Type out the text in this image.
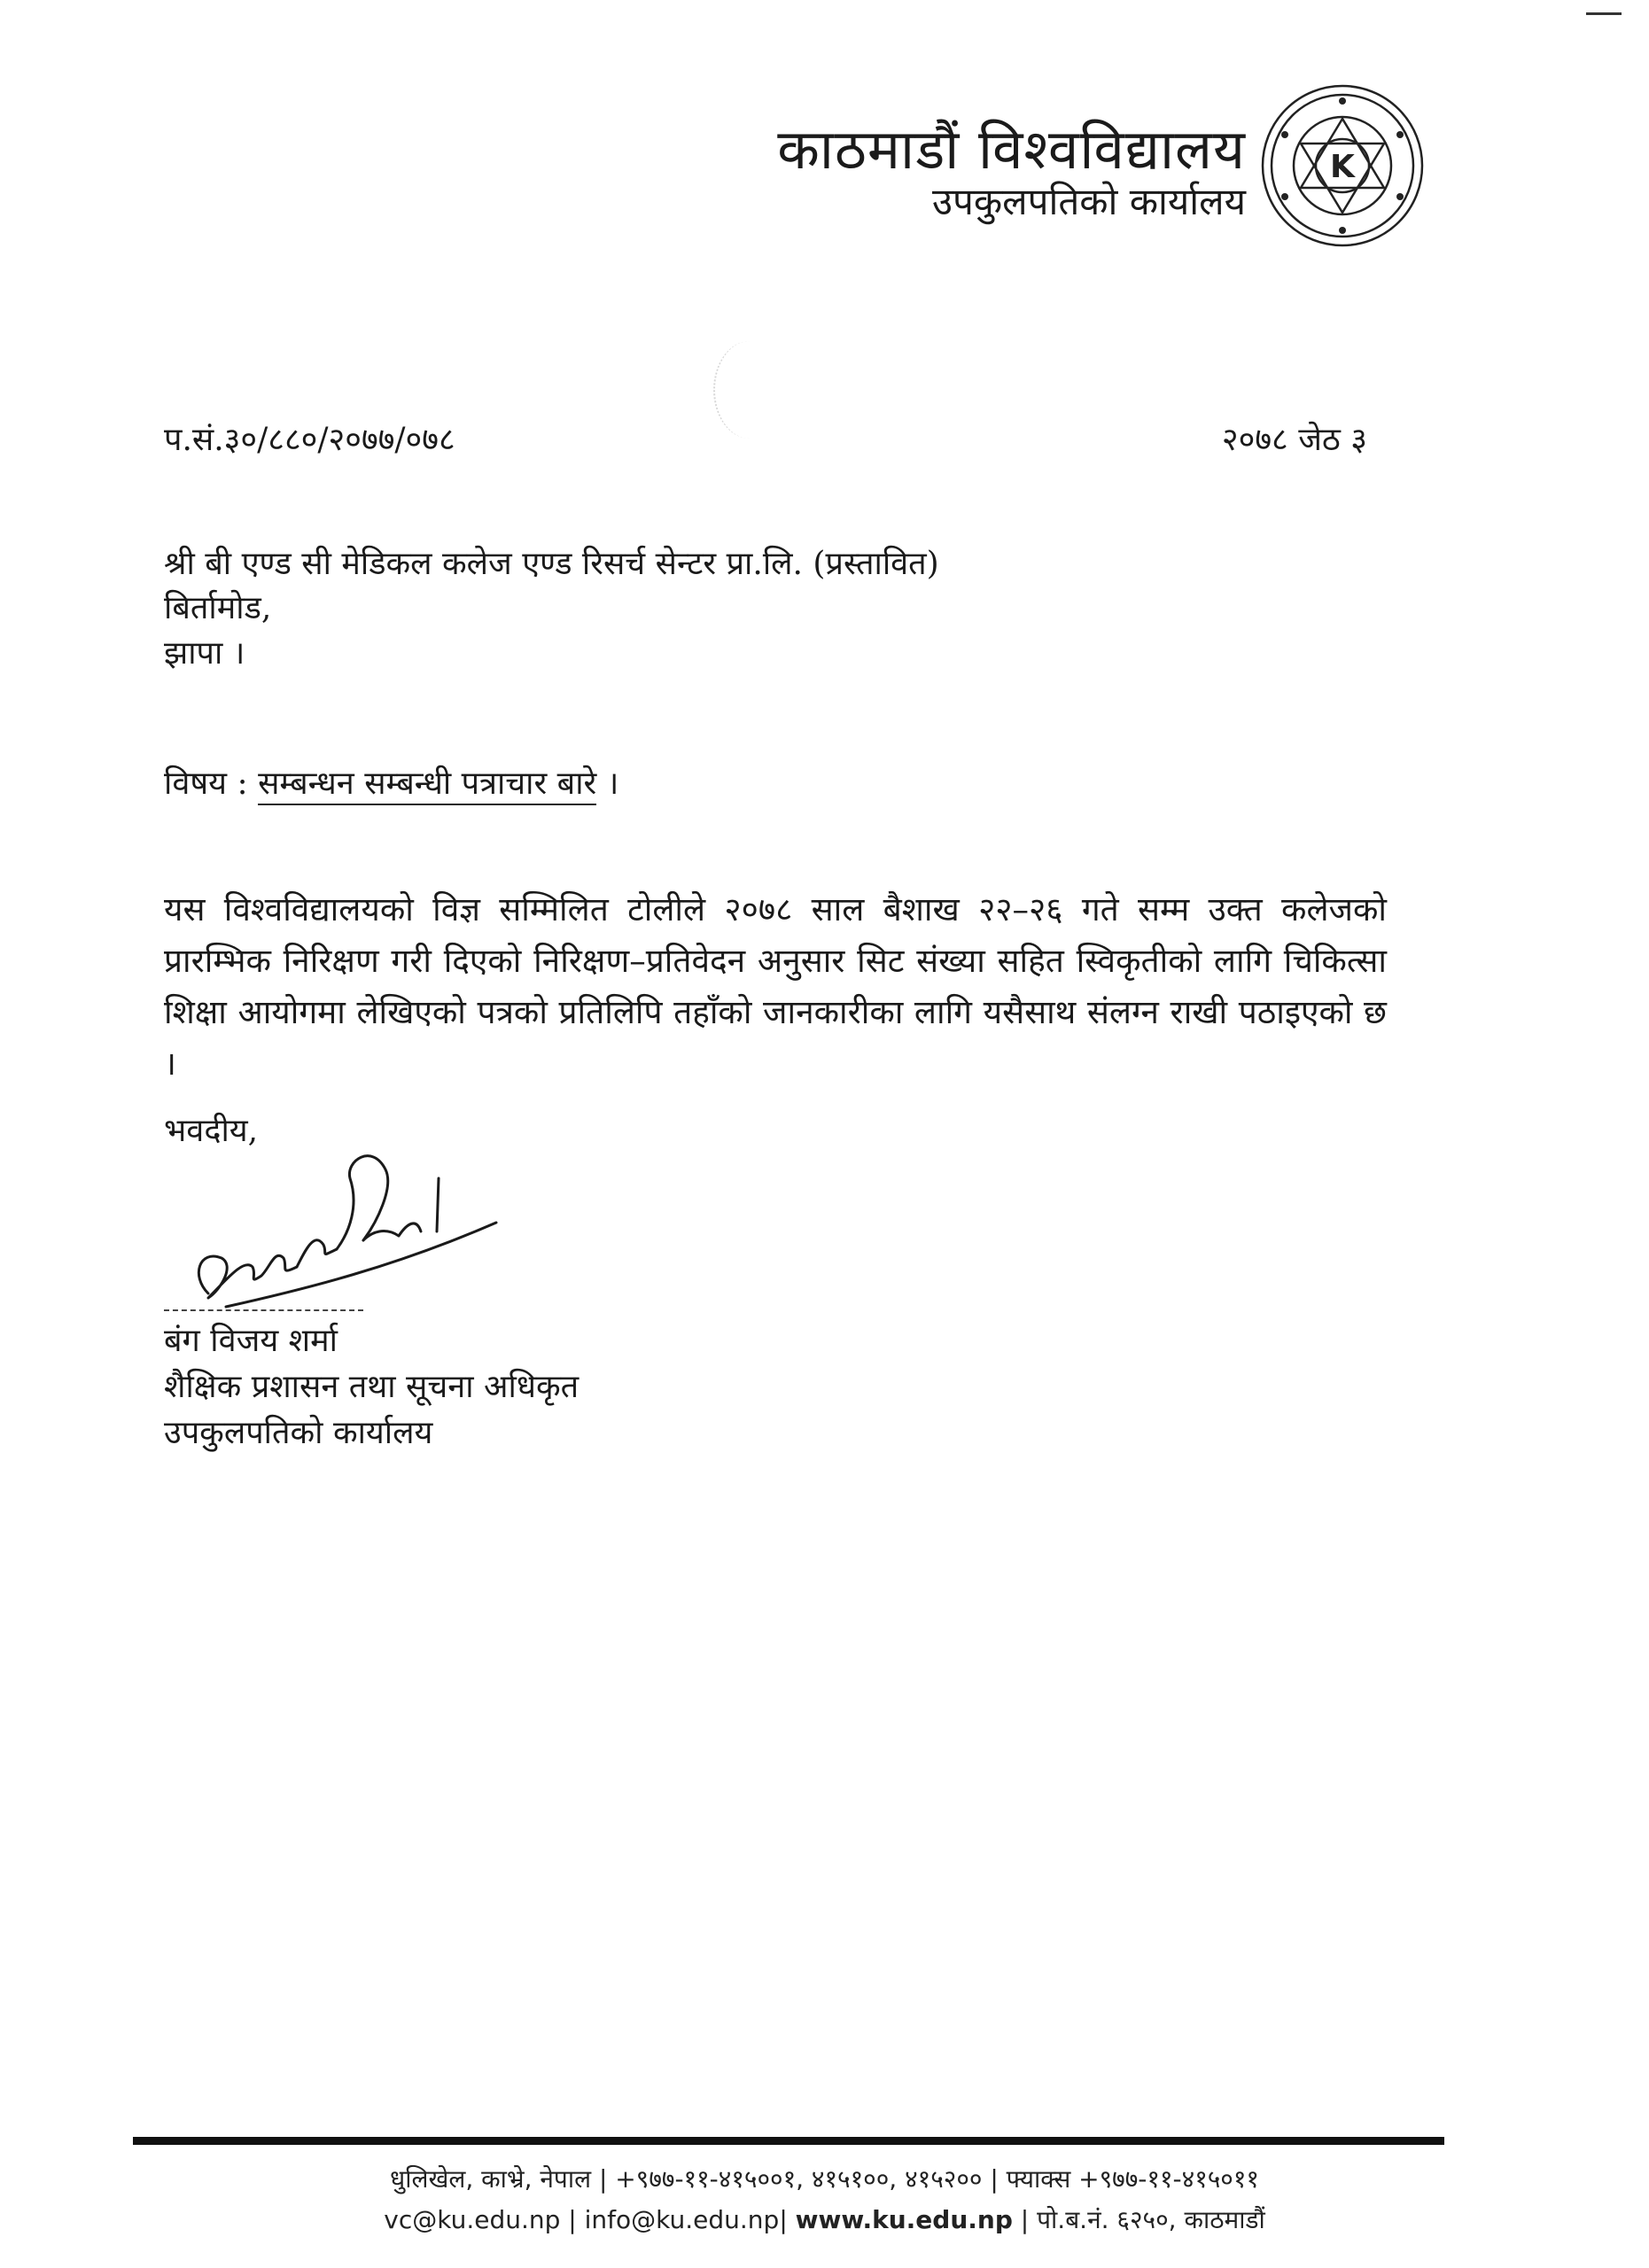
काठमाडौं विश्वविद्यालय
उपकुलपतिको कार्यालय
K
प.सं.३०/८८०/२०७७/०७८	२०७८ जेठ ३
श्री बी एण्ड सी मेडिकल कलेज एण्ड रिसर्च सेन्टर प्रा.लि. (प्रस्तावित)
बिर्तामोड,
झापा ।
विषय : सम्बन्धन सम्बन्धी पत्राचार बारे ।
यस विश्वविद्यालयको विज्ञ सम्मिलित टोलीले २०७८ साल बैशाख २२–२६ गते सम्म उक्त कलेजको प्रारम्भिक निरिक्षण गरी दिएको निरिक्षण–प्रतिवेदन अनुसार सिट संख्या सहित स्विकृतीको लागि चिकित्सा शिक्षा आयोगमा लेखिएको पत्रको प्रतिलिपि तहाँको जानकारीका लागि यसैसाथ संलग्न राखी पठाइएको छ ।
भवदीय,
बंग विजय शर्मा
शैक्षिक प्रशासन तथा सूचना अधिकृत
उपकुलपतिको कार्यालय
धुलिखेल, काभ्रे, नेपाल | +९७७-११-४१५००१, ४१५१००, ४१५२०० | फ्याक्स +९७७-११-४१५०११
vc@ku.edu.np | info@ku.edu.np| www.ku.edu.np | पो.ब.नं. ६२५०, काठमाडौं
